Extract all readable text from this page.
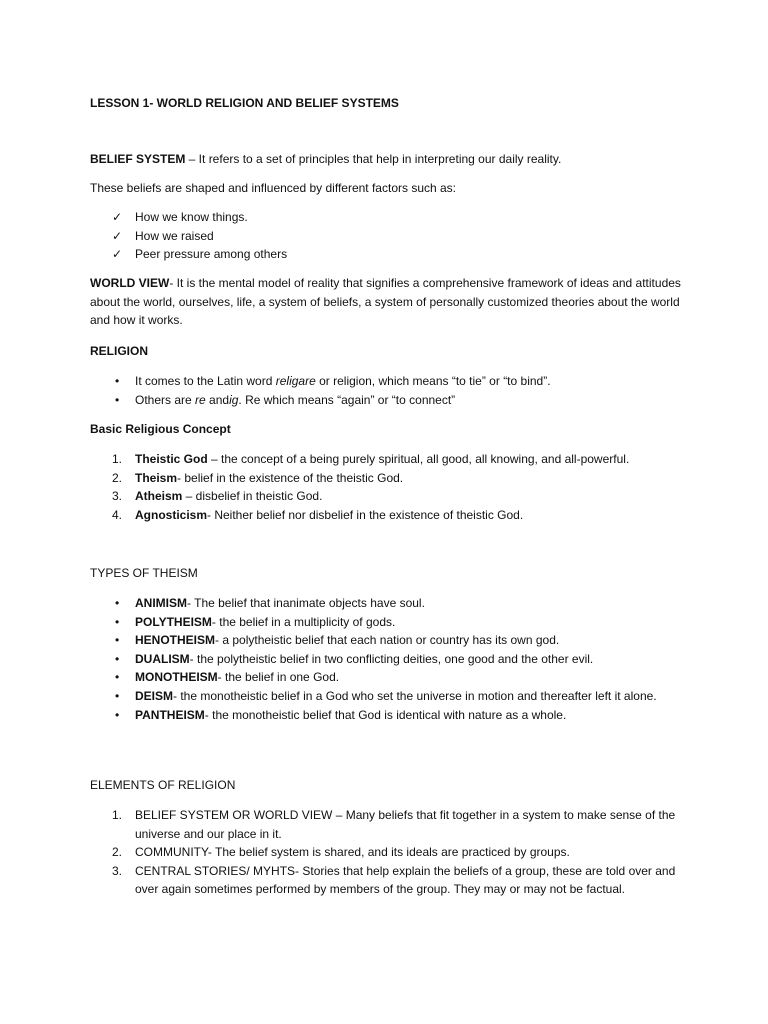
LESSON 1- WORLD RELIGION AND BELIEF SYSTEMS

BELIEF SYSTEM – It refers to a set of principles that help in interpreting our daily reality.

These beliefs are shaped and influenced by different factors such as:

✓ How we know things.
✓ How we raised
✓ Peer pressure among others

WORLD VIEW- It is the mental model of reality that signifies a comprehensive framework of ideas and attitudes about the world, ourselves, life, a system of beliefs, a system of personally customized theories about the world and how it works.

RELIGION

• It comes to the Latin word religare or religion, which means “to tie” or “to bind”.
• Others are re andig. Re which means “again” or “to connect”

Basic Religious Concept

1. Theistic God – the concept of a being purely spiritual, all good, all knowing, and all-powerful.
2. Theism- belief in the existence of the theistic God.
3. Atheism – disbelief in theistic God.
4. Agnosticism- Neither belief nor disbelief in the existence of theistic God.

TYPES OF THEISM

• ANIMISM- The belief that inanimate objects have soul.
• POLYTHEISM- the belief in a multiplicity of gods.
• HENOTHEISM- a polytheistic belief that each nation or country has its own god.
• DUALISM- the polytheistic belief in two conflicting deities, one good and the other evil.
• MONOTHEISM- the belief in one God.
• DEISM- the monotheistic belief in a God who set the universe in motion and thereafter left it alone.
• PANTHEISM- the monotheistic belief that God is identical with nature as a whole.

ELEMENTS OF RELIGION

1. BELIEF SYSTEM OR WORLD VIEW – Many beliefs that fit together in a system to make sense of the universe and our place in it.
2. COMMUNITY- The belief system is shared, and its ideals are practiced by groups.
3. CENTRAL STORIES/ MYHTS- Stories that help explain the beliefs of a group, these are told over and over again sometimes performed by members of the group. They may or may not be factual.
